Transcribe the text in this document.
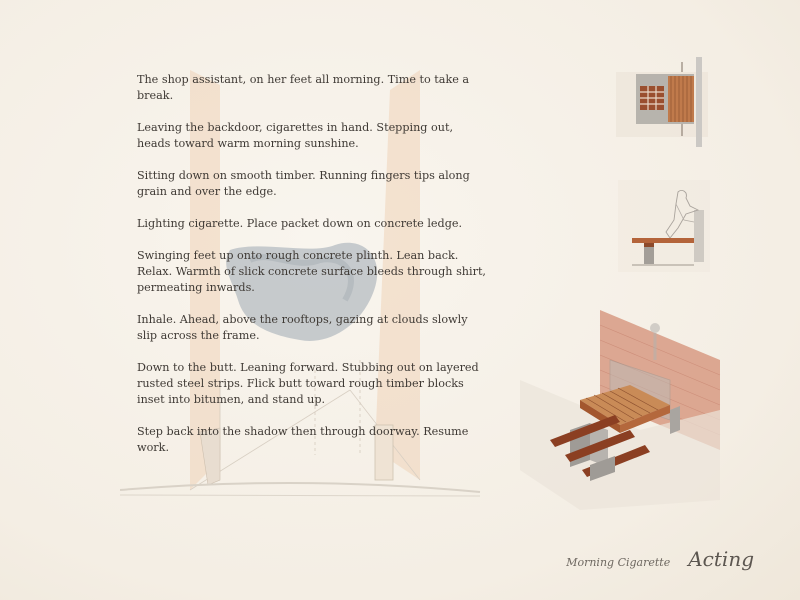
The shop assistant, on her feet all morning. Time to take a break.

Leaving the backdoor, cigarettes in hand. Stepping out, heads toward warm morning sunshine.

Sitting down on smooth timber. Running fingers tips along grain and over the edge.

Lighting cigarette. Place packet down on concrete ledge.

Swinging feet up onto rough concrete plinth. Lean back. Relax. Warmth of slick concrete surface bleeds through shirt, permeating inwards.

Inhale. Ahead, above the rooftops, gazing at clouds slowly slip across the frame.

Down to the butt. Leaning forward. Stubbing out on layered rusted steel strips. Flick butt toward rough timber blocks inset into bitumen, and stand up.

Step back into the shadow then through doorway. Resume work.

Morning Cigarette Acting
